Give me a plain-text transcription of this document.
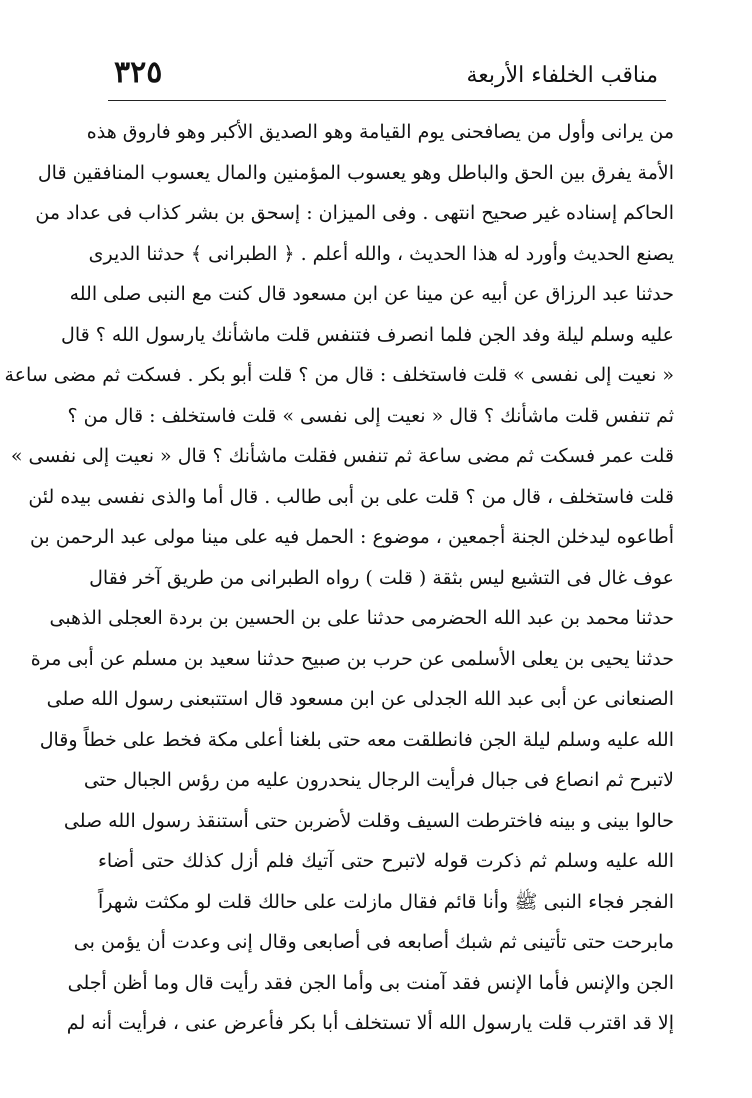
مناقب الخلفاء الأربعة
٣٢٥
من يرانى وأول من يصافحنى يوم القيامة وهو الصديق الأكبر وهو فاروق هذه
الأمة يفرق بين الحق والباطل وهو يعسوب المؤمنين والمال يعسوب المنافقين قال
الحاكم إسناده غير صحيح انتهى . وفى الميزان : إسحق بن بشر كذاب فى عداد من
يصنع الحديث وأورد له هذا الحديث ، والله أعلم . ﴿ الطبرانى ﴾ حدثنا الديرى
حدثنا عبد الرزاق عن أبيه عن مينا عن ابن مسعود قال كنت مع النبى صلى الله
عليه وسلم ليلة وفد الجن فلما انصرف فتنفس قلت ماشأنك يارسول الله ؟ قال
« نعيت إلى نفسى » قلت فاستخلف : قال من ؟ قلت أبو بكر . فسكت ثم مضى ساعة
ثم تنفس قلت ماشأنك ؟ قال « نعيت إلى نفسى » قلت فاستخلف : قال من ؟
قلت عمر فسكت ثم مضى ساعة ثم تنفس فقلت ماشأنك ؟ قال « نعيت إلى نفسى »
قلت فاستخلف ، قال من ؟ قلت على بن أبى طالب . قال أما والذى نفسى بيده لئن
أطاعوه ليدخلن الجنة أجمعين ، موضوع : الحمل فيه على مينا مولى عبد الرحمن بن
عوف غال فى التشيع ليس بثقة ( قلت ) رواه الطبرانى من طريق آخر فقال
حدثنا محمد بن عبد الله الحضرمى حدثنا على بن الحسين بن بردة العجلى الذهبى
حدثنا يحيى بن يعلى الأسلمى عن حرب بن صبيح حدثنا سعيد بن مسلم عن أبى مرة
الصنعانى عن أبى عبد الله الجدلى عن ابن مسعود قال استتبعنى رسول الله صلى
الله عليه وسلم ليلة الجن فانطلقت معه حتى بلغنا أعلى مكة فخط على خطاً وقال
لاتبرح ثم انصاع فى جبال فرأيت الرجال ينحدرون عليه من رؤس الجبال حتى
حالوا بينى و بينه فاخترطت السيف وقلت لأضربن حتى أستنقذ رسول الله صلى
الله عليه وسلم ثم ذكرت قوله لاتبرح حتى آتيك فلم أزل كذلك حتى أضاء
الفجر فجاء النبى ﷺ وأنا قائم فقال مازلت على حالك قلت لو مكثت شهراً
مابرحت حتى تأتينى ثم شبك أصابعه فى أصابعى وقال إنى وعدت أن يؤمن بى
الجن والإنس فأما الإنس فقد آمنت بى وأما الجن فقد رأيت قال وما أظن أجلى
إلا قد اقترب قلت يارسول الله ألا تستخلف أبا بكر فأعرض عنى ، فرأيت أنه لم
